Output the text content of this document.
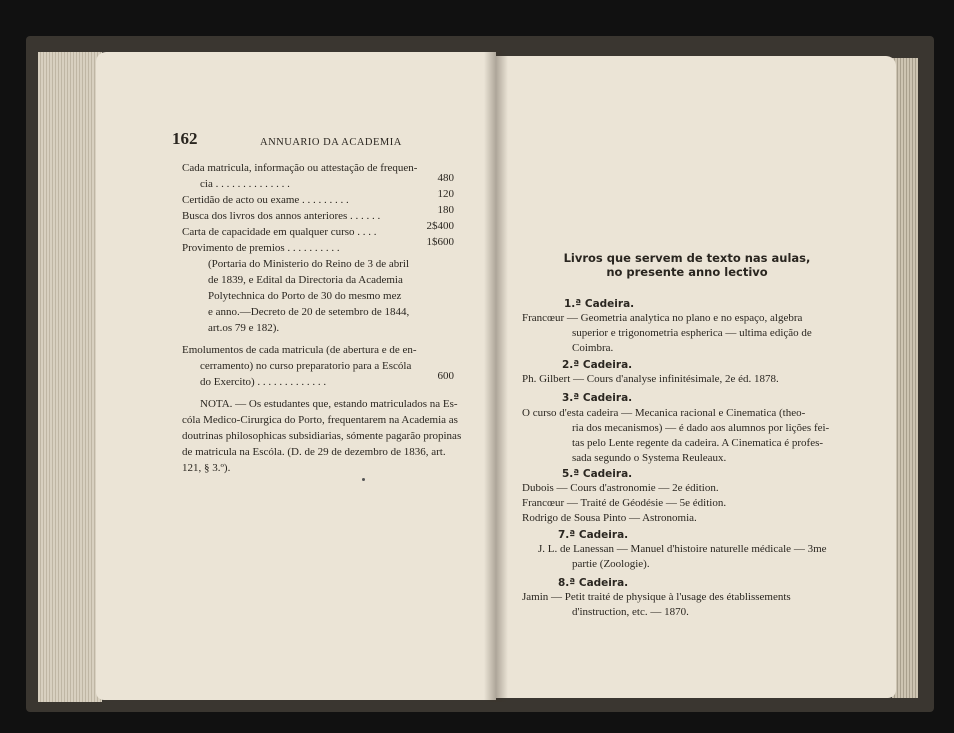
162	ANNUARIO DA ACADEMIA
Cada matricula, informação ou attestação de frequen-
cia . . . . . . . . . . . . . .	480
Certidão de acto ou exame . . . . . . . . .	120
Busca dos livros dos annos anteriores . . . . . .	180
Carta de capacidade em qualquer curso . . . .	2$400
Provimento de premios . . . . . . . . . .	1$600
(Portaria do Ministerio do Reino de 3 de abril
de 1839, e Edital da Directoria da Academia
Polytechnica do Porto de 30 do mesmo mez
e anno.—Decreto de 20 de setembro de 1844,
art.os 79 e 182).
Emolumentos de cada matricula (de abertura e de en-
cerramento) no curso preparatorio para a Escóla
do Exercito) . . . . . . . . . . . . .	600
NOTA. — Os estudantes que, estando matriculados na Es-
cóla Medico-Cirurgica do Porto, frequentarem na Academia as
doutrinas philosophicas subsidiarias, sómente pagarão propinas
de matricula na Escóla. (D. de 29 de dezembro de 1836, art.
121, § 3.º).
Livros que servem de texto nas aulas,
no presente anno lectivo
1.ª Cadeira.
Francœur — Geometria analytica no plano e no espaço, algebra
superior e trigonometria espherica — ultima edição de
Coimbra.
2.ª Cadeira.
Ph. Gilbert — Cours d'analyse infinitésimale, 2e éd. 1878.
3.ª Cadeira.
O curso d'esta cadeira — Mecanica racional e Cinematica (theo-
ria dos mecanismos) — é dado aos alumnos por lições fei-
tas pelo Lente regente da cadeira. A Cinematica é profes-
sada segundo o Systema Reuleaux.
5.ª Cadeira.
Dubois — Cours d'astronomie — 2e édition.
Francœur — Traité de Géodésie — 5e édition.
Rodrigo de Sousa Pinto — Astronomia.
7.ª Cadeira.
J. L. de Lanessan — Manuel d'histoire naturelle médicale — 3me
partie (Zoologie).
8.ª Cadeira.
Jamin — Petit traité de physique à l'usage des établissements
d'instruction, etc. — 1870.
